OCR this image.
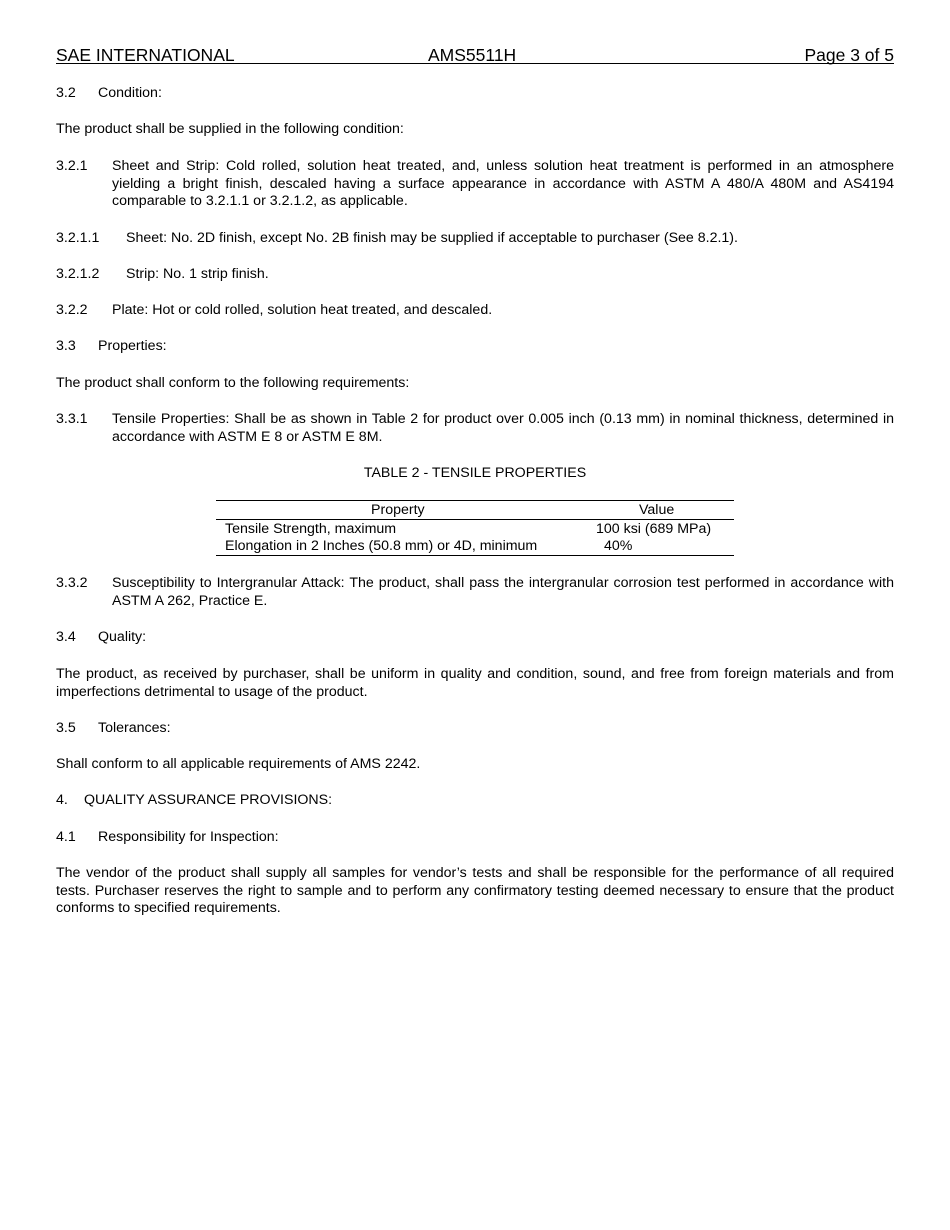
SAE INTERNATIONAL	AMS5511H	Page 3 of 5
3.2 Condition:
The product shall be supplied in the following condition:
3.2.1 Sheet and Strip: Cold rolled, solution heat treated, and, unless solution heat treatment is performed in an atmosphere yielding a bright finish, descaled having a surface appearance in accordance with ASTM A 480/A 480M and AS4194 comparable to 3.2.1.1 or 3.2.1.2, as applicable.
3.2.1.1 Sheet: No. 2D finish, except No. 2B finish may be supplied if acceptable to purchaser (See 8.2.1).
3.2.1.2 Strip: No. 1 strip finish.
3.2.2 Plate: Hot or cold rolled, solution heat treated, and descaled.
3.3 Properties:
The product shall conform to the following requirements:
3.3.1 Tensile Properties: Shall be as shown in Table 2 for product over 0.005 inch (0.13 mm) in nominal thickness, determined in accordance with ASTM E 8 or ASTM E 8M.
TABLE 2 - TENSILE PROPERTIES
Property	Value
Tensile Strength, maximum	100 ksi (689 MPa)
Elongation in 2 Inches (50.8 mm) or 4D, minimum	40%
3.3.2 Susceptibility to Intergranular Attack: The product, shall pass the intergranular corrosion test performed in accordance with ASTM A 262, Practice E.
3.4 Quality:
The product, as received by purchaser, shall be uniform in quality and condition, sound, and free from foreign materials and from imperfections detrimental to usage of the product.
3.5 Tolerances:
Shall conform to all applicable requirements of AMS 2242.
4. QUALITY ASSURANCE PROVISIONS:
4.1 Responsibility for Inspection:
The vendor of the product shall supply all samples for vendor’s tests and shall be responsible for the performance of all required tests. Purchaser reserves the right to sample and to perform any confirmatory testing deemed necessary to ensure that the product conforms to specified requirements.
